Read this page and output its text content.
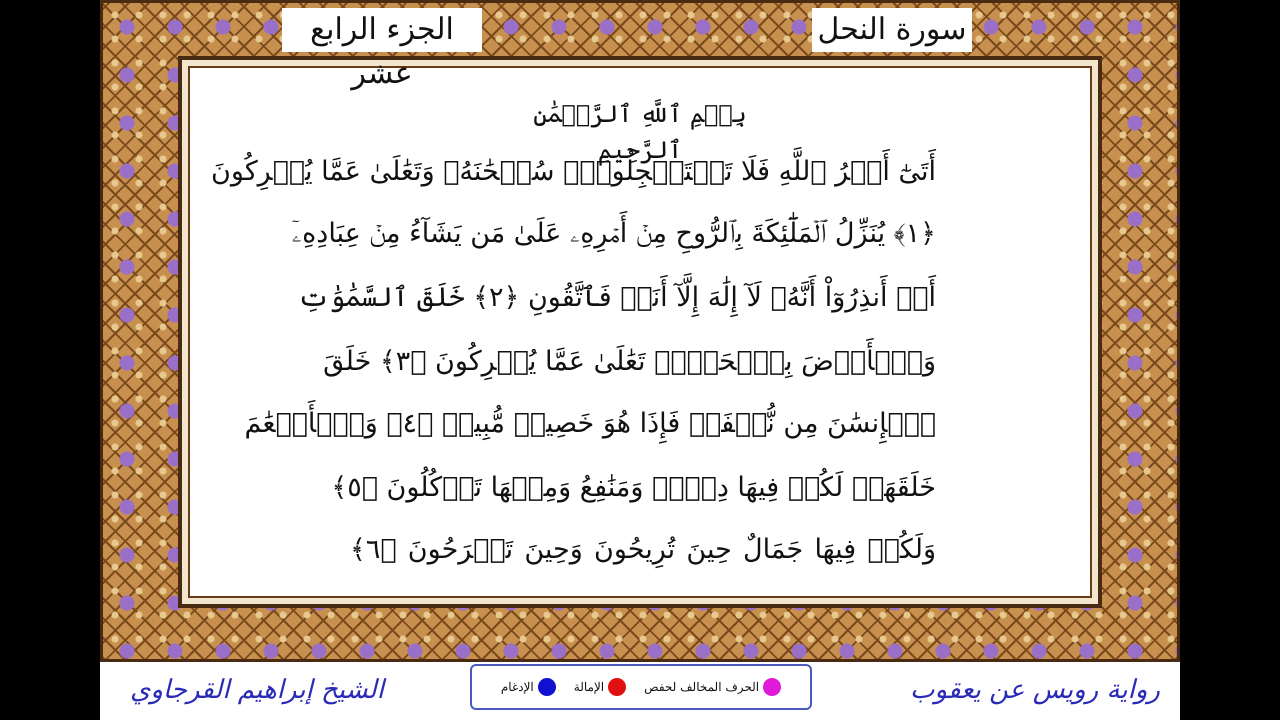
الجزء الرابع عشر
سورة النحل
بِسۡمِ ٱللَّهِ ٱلرَّحۡمَٰنِ ٱلرَّحِيمِ
أَتَىٰٓ أَمۡرُ ٱللَّهِ فَلَا تَسۡتَعۡجِلُوهُۚ سُبۡحَٰنَهُۥ وَتَعَٰلَىٰ عَمَّا يُشۡرِكُونَ
﴿١﴾ يُنَزِّلُ ٱلۡمَلَٰٓئِكَةَ بِٱلرُّوحِ مِنۡ أَمۡرِهِۦ عَلَىٰ مَن يَشَآءُ مِنۡ عِبَادِهِۦٓ
أَنۡ أَنذِرُوٓاْ أَنَّهُۥ لَآ إِلَٰهَ إِلَّآ أَنَا۠ فَٱتَّقُونِ ﴿٢﴾ خَلَقَ ٱلسَّمَٰوَٰتِ
وَٱلۡأَرۡضَ بِٱلۡحَقِّۚ تَعَٰلَىٰ عَمَّا يُشۡرِكُونَ ﴿٣﴾ خَلَقَ
ٱلۡإِنسَٰنَ مِن نُّطۡفَةٖ فَإِذَا هُوَ خَصِيمٞ مُّبِينٞ ﴿٤﴾ وَٱلۡأَنۡعَٰمَ
خَلَقَهَاۖ لَكُمۡ فِيهَا دِفۡءٞ وَمَنَٰفِعُ وَمِنۡهَا تَأۡكُلُونَ ﴿٥﴾
وَلَكُمۡ فِيهَا جَمَالٌ حِينَ تُرِيحُونَ وَحِينَ تَسۡرَحُونَ ﴿٦﴾
رواية رويس عن يعقوب
الحرف المخالف لحفص
الإمالة
الإدغام
الشيخ إبراهيم القرجاوي
